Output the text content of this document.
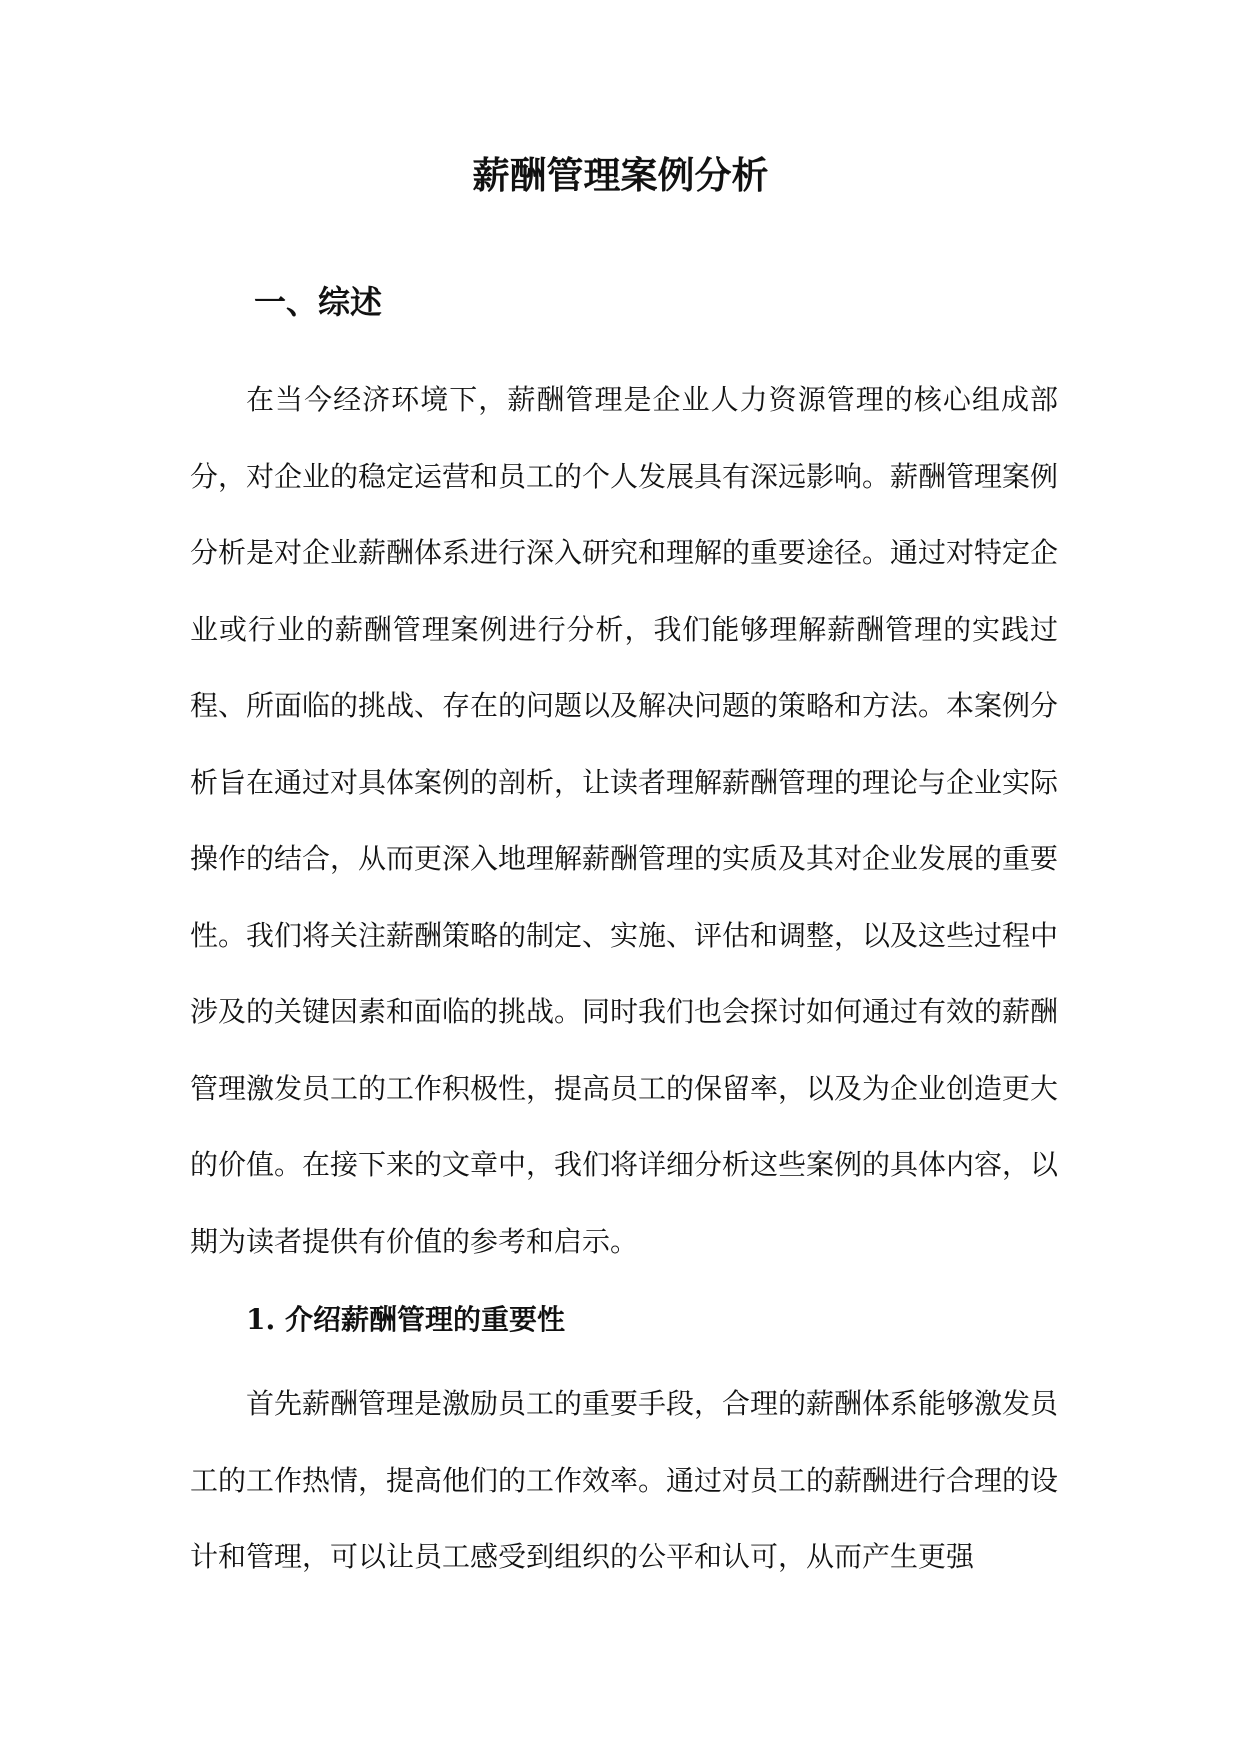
薪酬管理案例分析
一、综述

在当今经济环境下，薪酬管理是企业人力资源管理的核心组成部分，对企业的稳定运营和员工的个人发展具有深远影响。薪酬管理案例分析是对企业薪酬体系进行深入研究和理解的重要途径。通过对特定企业或行业的薪酬管理案例进行分析，我们能够理解薪酬管理的实践过程、所面临的挑战、存在的问题以及解决问题的策略和方法。本案例分析旨在通过对具体案例的剖析，让读者理解薪酬管理的理论与企业实际操作的结合，从而更深入地理解薪酬管理的实质及其对企业发展的重要性。我们将关注薪酬策略的制定、实施、评估和调整，以及这些过程中涉及的关键因素和面临的挑战。同时我们也会探讨如何通过有效的薪酬管理激发员工的工作积极性，提高员工的保留率，以及为企业创造更大的价值。在接下来的文章中，我们将详细分析这些案例的具体内容，以期为读者提供有价值的参考和启示。

1. 介绍薪酬管理的重要性

首先薪酬管理是激励员工的重要手段，合理的薪酬体系能够激发员工的工作热情，提高他们的工作效率。通过对员工的薪酬进行合理的设计和管理，可以让员工感受到组织的公平和认可，从而产生更强
